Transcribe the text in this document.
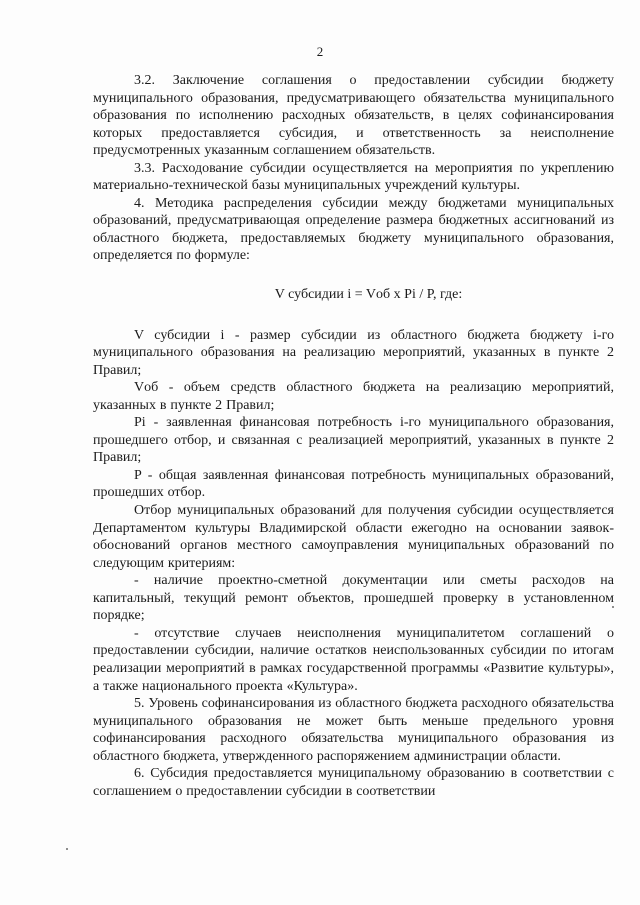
2

3.2. Заключение соглашения о предоставлении субсидии бюджету муниципального образования, предусматривающего обязательства муниципального образования по исполнению расходных обязательств, в целях софинансирования которых предоставляется субсидия, и ответственность за неисполнение предусмотренных указанным соглашением обязательств.

3.3. Расходование субсидии осуществляется на мероприятия по укреплению материально-технической базы муниципальных учреждений культуры.

4. Методика распределения субсидии между бюджетами муниципальных образований, предусматривающая определение размера бюджетных ассигнований из областного бюджета, предоставляемых бюджету муниципального образования, определяется по формуле:

V субсидии i = Vоб x Pi / P, где:

V субсидии i - размер субсидии из областного бюджета бюджету i-го муниципального образования на реализацию мероприятий, указанных в пункте 2 Правил;

Vоб - объем средств областного бюджета на реализацию мероприятий, указанных в пункте 2 Правил;

Pi - заявленная финансовая потребность i-го муниципального образования, прошедшего отбор, и связанная с реализацией мероприятий, указанных в пункте 2 Правил;

P - общая заявленная финансовая потребность муниципальных образований, прошедших отбор.

Отбор муниципальных образований для получения субсидии осуществляется Департаментом культуры Владимирской области ежегодно на основании заявок-обоснований органов местного самоуправления муниципальных образований по следующим критериям:

- наличие проектно-сметной документации или сметы расходов на капитальный, текущий ремонт объектов, прошедшей проверку в установленном порядке;

- отсутствие случаев неисполнения муниципалитетом соглашений о предоставлении субсидии, наличие остатков неиспользованных субсидии по итогам реализации мероприятий в рамках государственной программы «Развитие культуры», а также национального проекта «Культура».

5. Уровень софинансирования из областного бюджета расходного обязательства муниципального образования не может быть меньше предельного уровня софинансирования расходного обязательства муниципального образования из областного бюджета, утвержденного распоряжением администрации области.

6. Субсидия предоставляется муниципальному образованию в соответствии с соглашением о предоставлении субсидии в соответствии
